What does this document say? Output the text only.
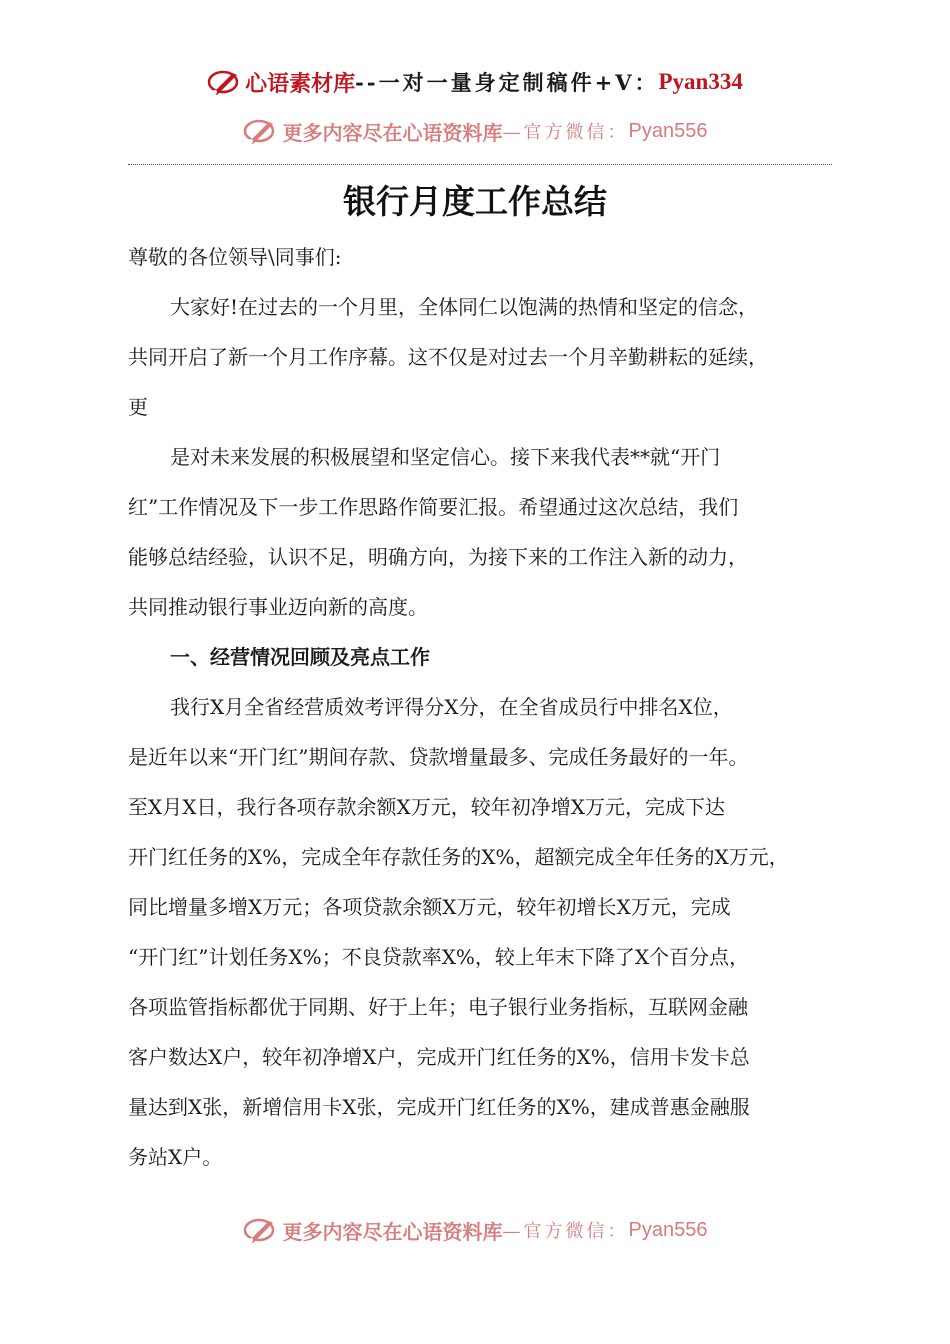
心语素材库 --一对一量身定制稿件+V： Pyan334
更多内容尽在心语资料库 —官方微信： Pyan556
银行月度工作总结

尊敬的各位领导\同事们:

大家好!在过去的一个月里，全体同仁以饱满的热情和坚定的信念，
共同开启了新一个月工作序幕。这不仅是对过去一个月辛勤耕耘的延续，
更
是对未来发展的积极展望和坚定信心。接下来我代表**就“开门
红”工作情况及下一步工作思路作简要汇报。希望通过这次总结，我们
能够总结经验，认识不足，明确方向，为接下来的工作注入新的动力，
共同推动银行事业迈向新的高度。

一、经营情况回顾及亮点工作

我行X月全省经营质效考评得分X分，在全省成员行中排名X位，
是近年以来“开门红”期间存款、贷款增量最多、完成任务最好的一年。
至X月X日，我行各项存款余额X万元，较年初净增X万元，完成下达
开门红任务的X%，完成全年存款任务的X%，超额完成全年任务的X万元，
同比增量多增X万元；各项贷款余额X万元，较年初增长X万元，完成
“开门红”计划任务X%；不良贷款率X%，较上年末下降了X个百分点，
各项监管指标都优于同期、好于上年；电子银行业务指标，互联网金融
客户数达X户，较年初净增X户，完成开门红任务的X%，信用卡发卡总
量达到X张，新增信用卡X张，完成开门红任务的X%，建成普惠金融服
务站X户。
更多内容尽在心语资料库 —官方微信： Pyan556
